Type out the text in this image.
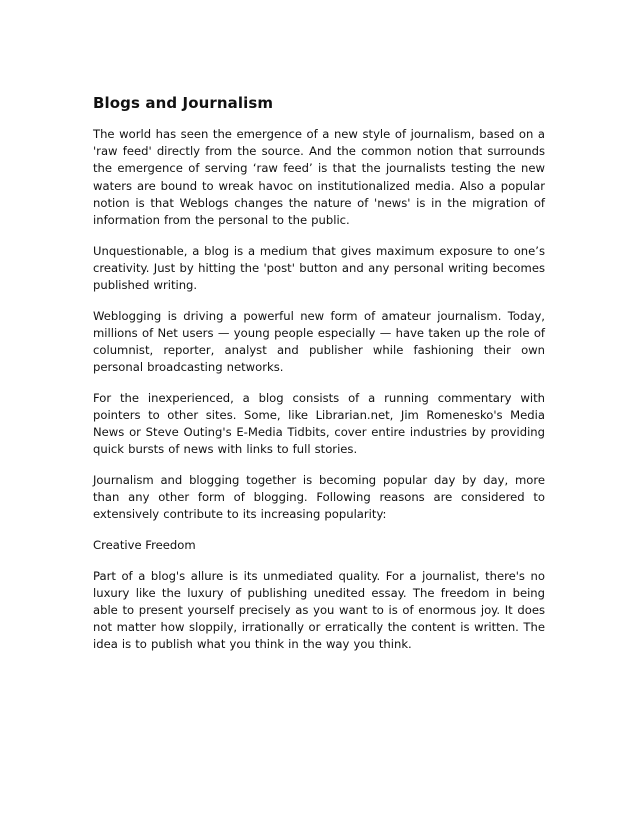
Blogs and Journalism

The world has seen the emergence of a new style of journalism, based on a 'raw feed' directly from the source. And the common notion that surrounds the emergence of serving ‘raw feed’ is that the journalists testing the new waters are bound to wreak havoc on institutionalized media. Also a popular notion is that Weblogs changes the nature of 'news' is in the migration of information from the personal to the public.

Unquestionable, a blog is a medium that gives maximum exposure to one’s creativity. Just by hitting the 'post' button and any personal writing becomes published writing.

Weblogging is driving a powerful new form of amateur journalism. Today, millions of Net users — young people especially — have taken up the role of columnist, reporter, analyst and publisher while fashioning their own personal broadcasting networks.

For the inexperienced, a blog consists of a running commentary with pointers to other sites. Some, like Librarian.net, Jim Romenesko's Media News or Steve Outing's E-Media Tidbits, cover entire industries by providing quick bursts of news with links to full stories.

Journalism and blogging together is becoming popular day by day, more than any other form of blogging. Following reasons are considered to extensively contribute to its increasing popularity:

Creative Freedom

Part of a blog's allure is its unmediated quality. For a journalist, there's no luxury like the luxury of publishing unedited essay. The freedom in being able to present yourself precisely as you want to is of enormous joy. It does not matter how sloppily, irrationally or erratically the content is written. The idea is to publish what you think in the way you think.
